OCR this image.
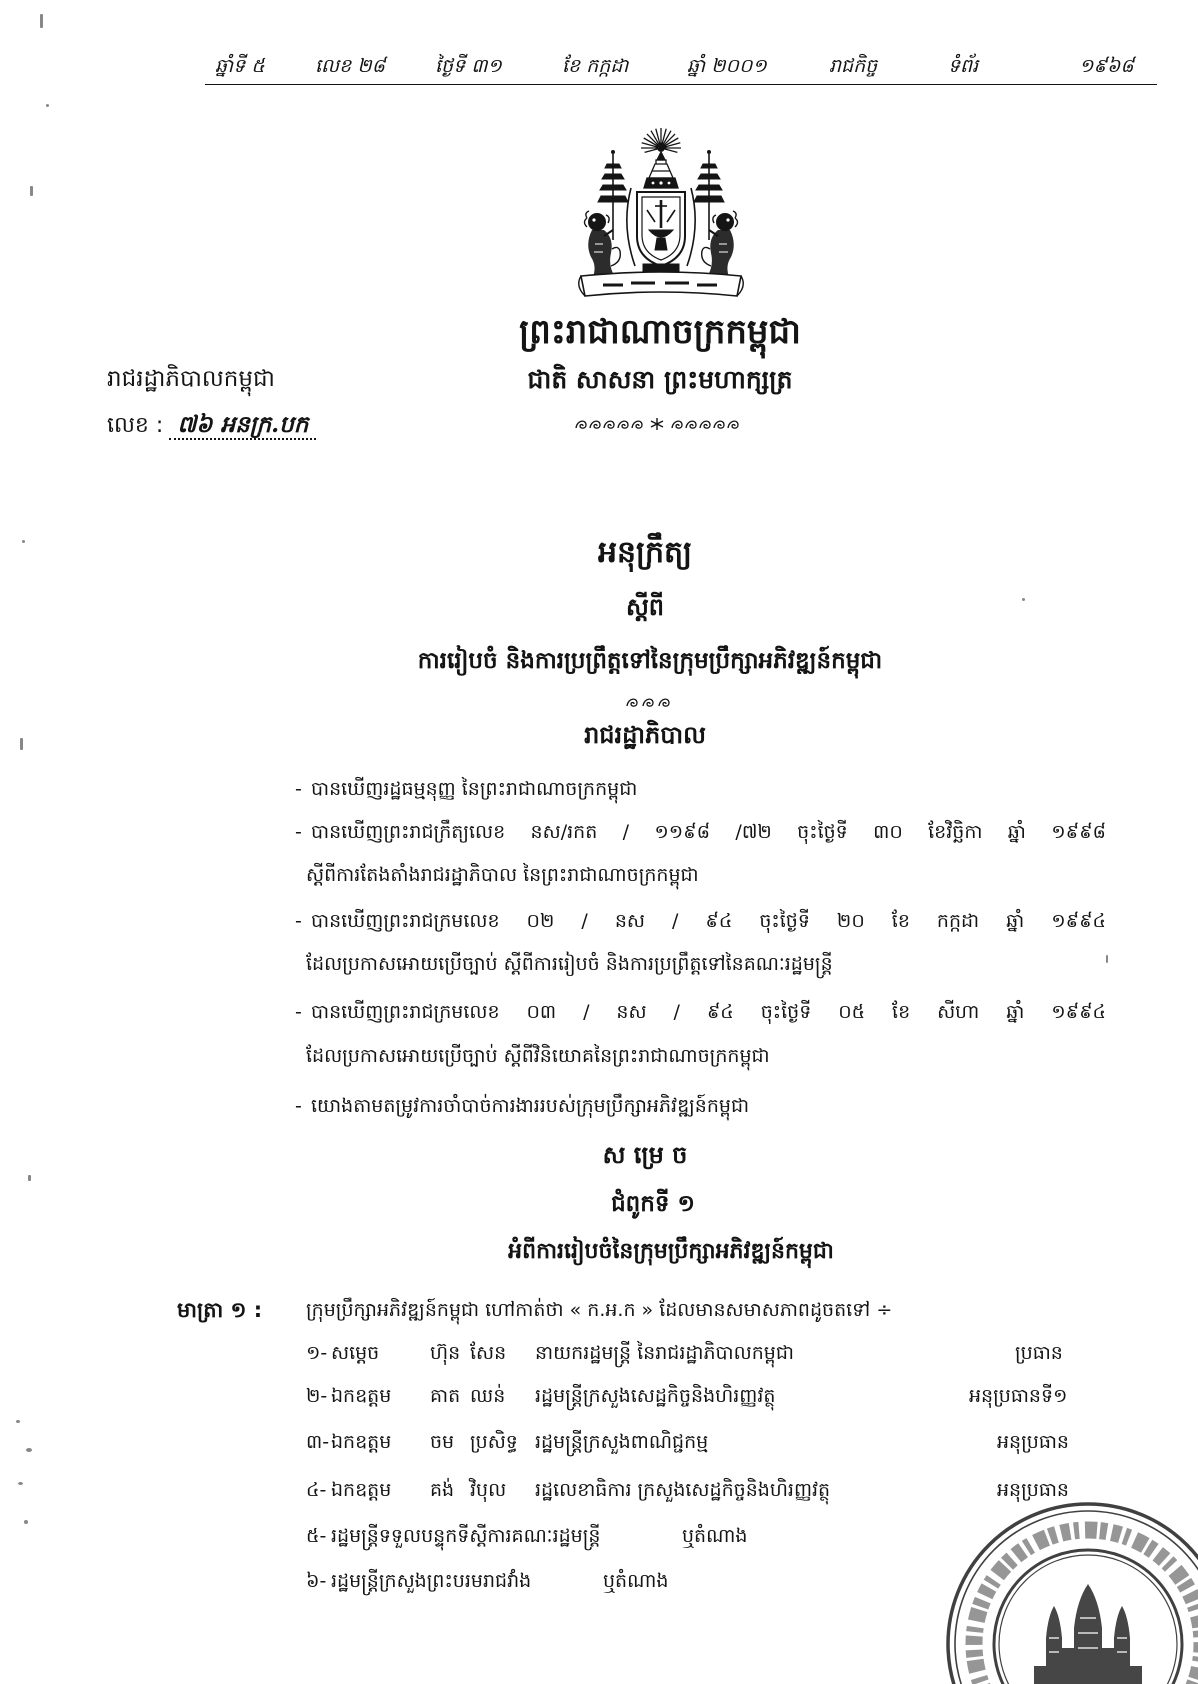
ឆ្នាំទី ៥	លេខ ២៨	ថ្ងៃទី ៣១	ខែ កក្កដា	ឆ្នាំ ២០០១	រាជកិច្ច	ទំព័រ	១៩៦៨
ព្រះរាជាណាចក្រកម្ពុជា
ជាតិ សាសនា ព្រះមហាក្សត្រ
រាជរដ្ឋាភិបាលកម្ពុជា
លេខ : ៧៦ អនក្រ.បក
អនុក្រឹត្យ
ស្តីពី
ការរៀបចំ និងការប្រព្រឹត្តទៅនៃក្រុមប្រឹក្សាអភិវឌ្ឍន៍កម្ពុជា
រាជរដ្ឋាភិបាល
- បានឃើញរដ្ឋធម្មនុញ្ញ នៃព្រះរាជាណាចក្រកម្ពុជា
- បានឃើញព្រះរាជក្រឹត្យលេខ នស/រកត / ១១៩៨ /៧២ ចុះថ្ងៃទី ៣០ ខែវិច្ឆិកា ឆ្នាំ ១៩៩៨
ស្តីពីការតែងតាំងរាជរដ្ឋាភិបាល នៃព្រះរាជាណាចក្រកម្ពុជា
- បានឃើញព្រះរាជក្រមលេខ ០២ / នស / ៩៤ ចុះថ្ងៃទី ២០ ខែ កក្កដា ឆ្នាំ ១៩៩៤
ដែលប្រកាសអោយប្រើច្បាប់ ស្តីពីការរៀបចំ និងការប្រព្រឹត្តទៅនៃគណៈរដ្ឋមន្ត្រី
- បានឃើញព្រះរាជក្រមលេខ ០៣ / នស / ៩៤ ចុះថ្ងៃទី ០៥ ខែ សីហា ឆ្នាំ ១៩៩៤
ដែលប្រកាសអោយប្រើច្បាប់ ស្តីពីវិនិយោគនៃព្រះរាជាណាចក្រកម្ពុជា
- យោងតាមតម្រូវការចាំបាច់ការងាររបស់ក្រុមប្រឹក្សាអភិវឌ្ឍន៍កម្ពុជា
ស ម្រេ ច
ជំពូកទី ១
អំពីការរៀបចំនៃក្រុមប្រឹក្សាអភិវឌ្ឍន៍កម្ពុជា
មាត្រា ១ : ក្រុមប្រឹក្សាអភិវឌ្ឍន៍កម្ពុជា ហៅកាត់ថា « ក.អ.ក » ដែលមានសមាសភាពដូចតទៅ ÷
១- សម្តេច	ហ៊ុន សែន នាយករដ្ឋមន្ត្រី នៃរាជរដ្ឋាភិបាលកម្ពុជា	ប្រធាន
២- ឯកឧត្តម គាត ឈន់ រដ្ឋមន្ត្រីក្រសួងសេដ្ឋកិច្ចនិងហិរញ្ញវត្ថុ	អនុប្រធានទី១
៣- ឯកឧត្តម ចម ប្រសិទ្ធ រដ្ឋមន្ត្រីក្រសួងពាណិជ្ជកម្ម	អនុប្រធាន
៤- ឯកឧត្តម គង់ វិបុល រដ្ឋលេខាធិការ ក្រសួងសេដ្ឋកិច្ចនិងហិរញ្ញវត្ថុ	អនុប្រធាន
៥- រដ្ឋមន្ត្រីទទួលបន្ទុកទីស្តីការគណៈរដ្ឋមន្ត្រី	ឬតំណាង
៦- រដ្ឋមន្ត្រីក្រសួងព្រះបរមរាជវាំង	ឬតំណាង
